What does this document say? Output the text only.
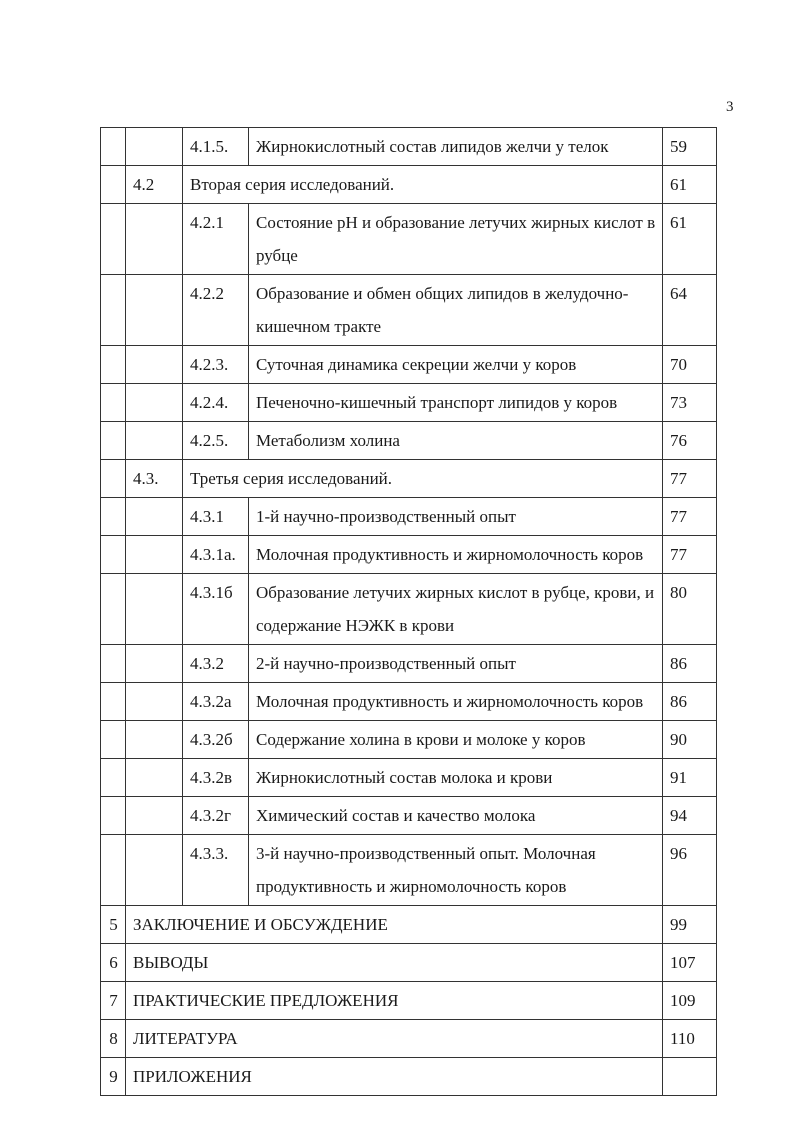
3
		4.1.5.	Жирнокислотный состав липидов желчи у телок	59
	4.2	Вторая серия исследований.		61
		4.2.1	Состояние рН и образование летучих жирных кислот в рубце	61
		4.2.2	Образование и обмен общих липидов в желудочно-кишечном тракте	64
		4.2.3.	Суточная динамика секреции желчи у коров	70
		4.2.4.	Печеночно-кишечный транспорт липидов у коров	73
		4.2.5.	Метаболизм холина	76
	4.3.	Третья серия исследований.		77
		4.3.1	1-й научно-производственный опыт	77
		4.3.1а.	Молочная продуктивность и жирномолочность коров	77
		4.3.1б	Образование летучих жирных кислот в рубце, крови, и содержание НЭЖК в крови	80
		4.3.2	2-й научно-производственный опыт	86
		4.3.2а	Молочная продуктивность и жирномолочность коров	86
		4.3.2б	Содержание холина в крови и молоке у коров	90
		4.3.2в	Жирнокислотный состав молока и крови	91
		4.3.2г	Химический состав и качество молока	94
		4.3.3.	3-й научно-производственный опыт. Молочная продуктивность и жирномолочность коров	96
5	ЗАКЛЮЧЕНИЕ И ОБСУЖДЕНИЕ			99
6	ВЫВОДЫ			107
7	ПРАКТИЧЕСКИЕ ПРЕДЛОЖЕНИЯ			109
8	ЛИТЕРАТУРА			110
9	ПРИЛОЖЕНИЯ			
